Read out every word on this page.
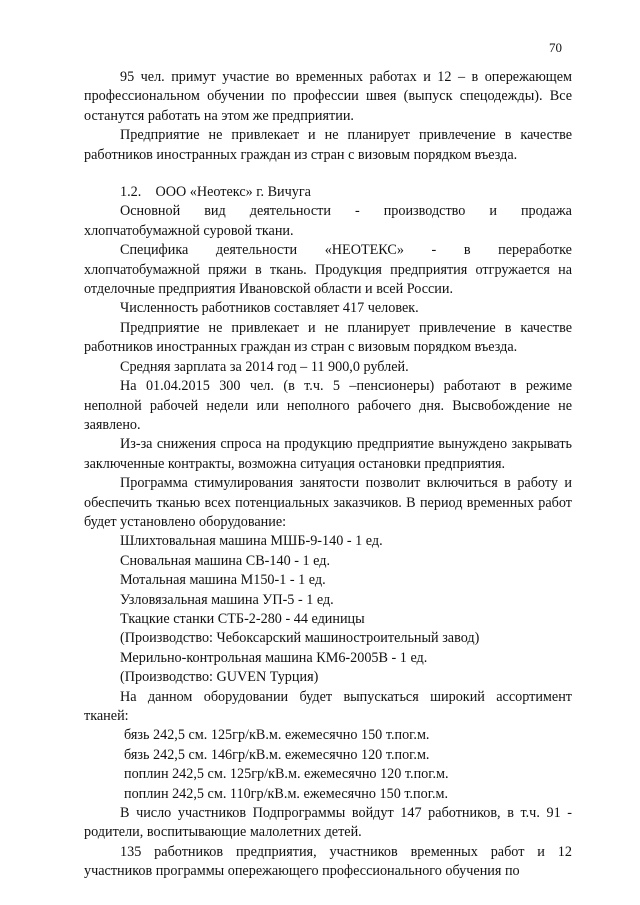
70

95 чел. примут участие во временных работах и 12 – в опережающем профессиональном обучении по профессии швея (выпуск спецодежды). Все останутся работать на этом же предприятии.

Предприятие не привлекает и не планирует привлечение в качестве работников иностранных граждан из стран с визовым порядком въезда.

1.2.    ООО «Неотекс» г. Вичуга

Основной вид деятельности - производство и продажа

хлопчатобумажной суровой ткани.

Специфика деятельности «НЕОТЕКС» - в переработке

хлопчатобумажной пряжи в ткань. Продукция предприятия отгружается на отделочные предприятия Ивановской области и всей России.

Численность работников составляет 417 человек.

Предприятие не привлекает и не планирует привлечение в качестве работников иностранных граждан из стран с визовым порядком въезда.

Средняя зарплата за 2014 год – 11 900,0 рублей.

На 01.04.2015 300 чел. (в т.ч. 5 –пенсионеры) работают в режиме неполной рабочей недели или неполного рабочего дня. Высвобождение не заявлено.

Из-за снижения спроса на продукцию предприятие вынуждено закрывать заключенные контракты, возможна ситуация остановки предприятия.

Программа стимулирования занятости позволит включиться в работу и обеспечить тканью всех потенциальных заказчиков. В период временных работ будет установлено оборудование:

Шлихтовальная машина МШБ-9-140 - 1 ед.
Сновальная машина СВ-140 - 1 ед.
Мотальная машина М150-1 - 1 ед.
Узловязальная машина УП-5 - 1 ед.
Ткацкие станки СТБ-2-280 - 44 единицы
(Производство: Чебоксарский машиностроительный завод)
Мерильно-контрольная машина КМ6-2005В - 1 ед.
(Производство: GUVEN Турция)

На данном оборудовании будет выпускаться широкий ассортимент тканей:

бязь 242,5 см. 125гр/кВ.м. ежемесячно 150 т.пог.м.
бязь 242,5 см. 146гр/кВ.м. ежемесячно 120 т.пог.м.
поплин 242,5 см. 125гр/кВ.м. ежемесячно 120 т.пог.м.
поплин 242,5 см. 110гр/кВ.м. ежемесячно 150 т.пог.м.

В число участников Подпрограммы войдут 147 работников, в т.ч. 91 - родители, воспитывающие малолетних детей.

135 работников предприятия, участников временных работ и 12 участников программы опережающего профессионального обучения по
